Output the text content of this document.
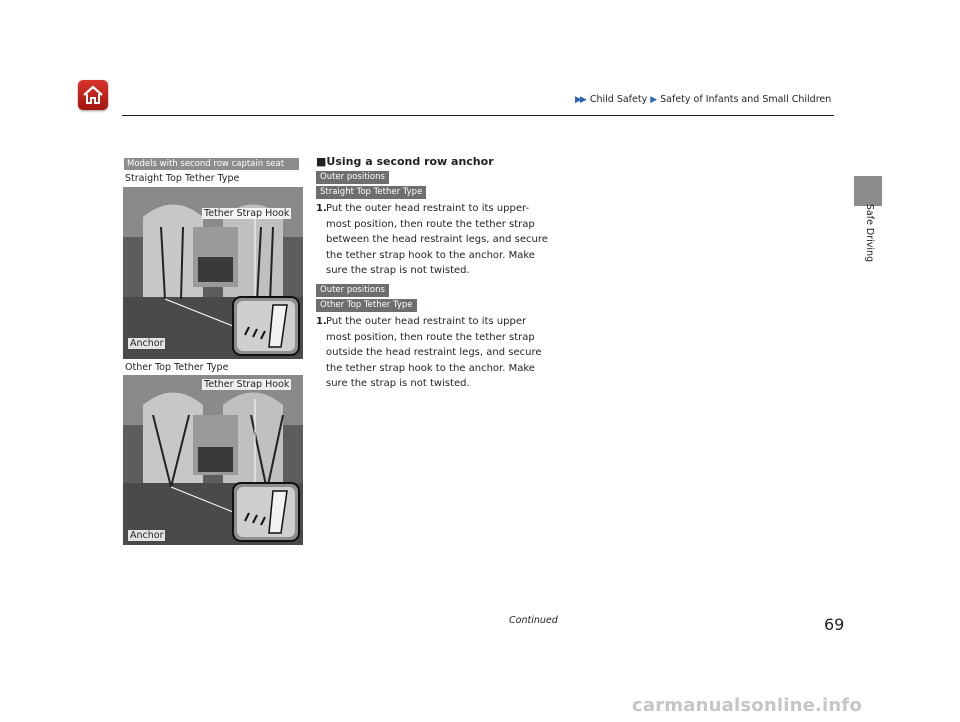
▶▶ Child Safety ▶ Safety of Infants and Small Children
Safe Driving
Models with second row captain seat
Straight Top Tether Type
Tether Strap Hook
Anchor
Other Top Tether Type
Tether Strap Hook
Anchor
■Using a second row anchor
Outer positions
Straight Top Tether Type
1. Put the outer head restraint to its upper-
most position, then route the tether strap
between the head restraint legs, and secure
the tether strap hook to the anchor. Make
sure the strap is not twisted.
Outer positions
Other Top Tether Type
1. Put the outer head restraint to its upper
most position, then route the tether strap
outside the head restraint legs, and secure
the tether strap hook to the anchor. Make
sure the strap is not twisted.
Continued	69
carmanualsonline.info
